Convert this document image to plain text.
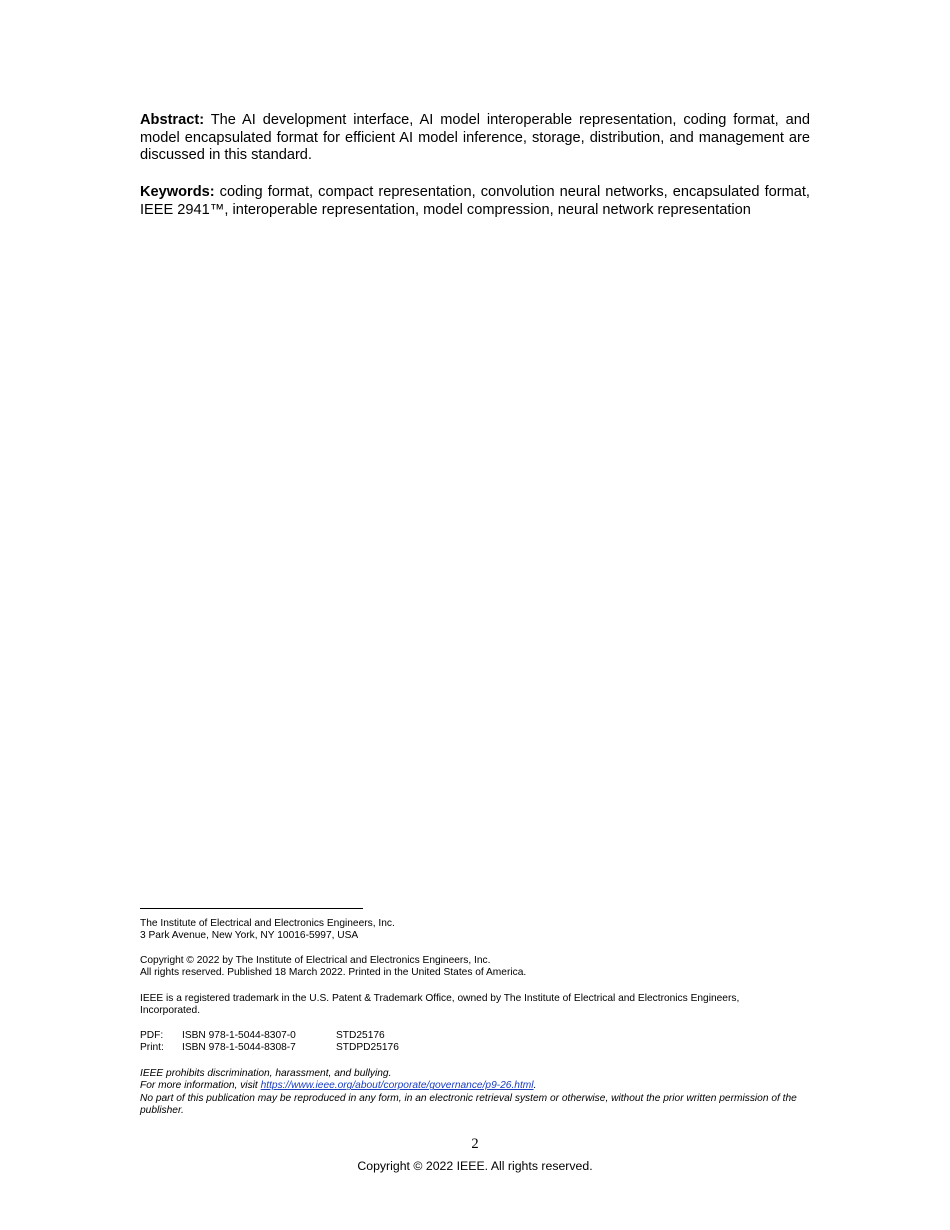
Abstract: The AI development interface, AI model interoperable representation, coding format, and model encapsulated format for efficient AI model inference, storage, distribution, and management are discussed in this standard.

Keywords: coding format, compact representation, convolution neural networks, encapsulated format, IEEE 2941™, interoperable representation, model compression, neural network representation

The Institute of Electrical and Electronics Engineers, Inc.
3 Park Avenue, New York, NY 10016-5997, USA
Copyright © 2022 by The Institute of Electrical and Electronics Engineers, Inc.
All rights reserved. Published 18 March 2022. Printed in the United States of America.
IEEE is a registered trademark in the U.S. Patent & Trademark Office, owned by The Institute of Electrical and Electronics Engineers, Incorporated.
PDF:	ISBN 978-1-5044-8307-0	STD25176
Print:	ISBN 978-1-5044-8308-7	STDPD25176
IEEE prohibits discrimination, harassment, and bullying.
For more information, visit https://www.ieee.org/about/corporate/governance/p9-26.html.
No part of this publication may be reproduced in any form, in an electronic retrieval system or otherwise, without the prior written permission of the publisher.
2
Copyright © 2022 IEEE. All rights reserved.
